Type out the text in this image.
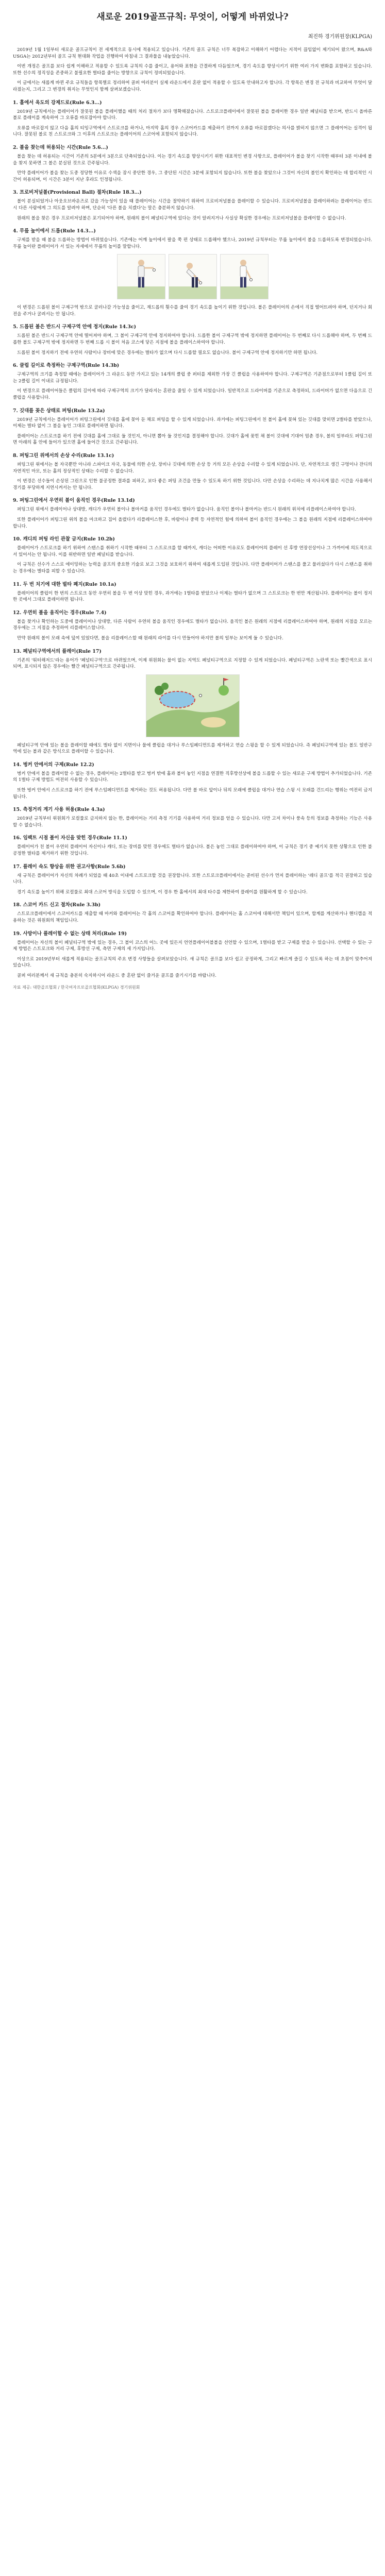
새로운 2019골프규칙: 무엇이, 어떻게 바뀌었나?
최진하 경기위원장(KLPGA)

2019년 1월 1일부터 새로운 골프규칙이 전 세계적으로 동시에 적용되고 있습니다. 기존의 골프 규칙은 너무 복잡하고 이해하기 어렵다는 지적이 끊임없이 제기되어 왔으며, R&A와 USGA는 2012년부터 골프 규칙 현대화 작업을 진행하여 마침내 그 결과물을 내놓았습니다.

이번 개정은 골프를 보다 쉽게 이해하고 적용할 수 있도록 규칙의 수를 줄이고, 용어와 표현을 간결하게 다듬었으며, 경기 속도를 향상시키기 위한 여러 가지 변화를 포함하고 있습니다. 또한 선수의 정직성을 존중하고 불필요한 벌타를 줄이는 방향으로 규칙이 정비되었습니다.

이 글에서는 새롭게 바뀐 주요 규칙들을 항목별로 정리하여 골퍼 여러분이 실제 라운드에서 혼란 없이 적용할 수 있도록 안내하고자 합니다. 각 항목은 변경 전 규칙과 비교하여 무엇이 달라졌는지, 그리고 그 변경의 취지는 무엇인지 함께 살펴보겠습니다.

1. 홀에서 옥도의 강제드로(Rule 6.3...)

2019년 규칙에서는 플레이어가 잘못된 볼을 플레이했을 때의 처리 절차가 보다 명확해졌습니다. 스트로크플레이에서 잘못된 볼을 플레이한 경우 일반 페널티를 받으며, 반드시 올바른 볼로 플레이를 계속하여 그 오류를 바로잡아야 합니다.

오류를 바로잡지 않고 다음 홀의 티잉구역에서 스트로크를 하거나, 마지막 홀의 경우 스코어카드를 제출하기 전까지 오류를 바로잡겠다는 의사를 밝히지 않으면 그 플레이어는 실격이 됩니다. 잘못된 볼로 친 스트로크와 그 이후의 스트로크는 플레이어의 스코어에 포함되지 않습니다.

2. 볼을 찾는데 허용되는 시간(Rule 5.6...)

볼을 찾는 데 허용되는 시간이 기존의 5분에서 3분으로 단축되었습니다. 이는 경기 속도를 향상시키기 위한 대표적인 변경 사항으로, 플레이어가 볼을 찾기 시작한 때부터 3분 이내에 볼을 찾지 못하면 그 볼은 분실된 것으로 간주됩니다.

만약 플레이어가 볼을 찾는 도중 정당한 이유로 수색을 잠시 중단한 경우, 그 중단된 시간은 3분에 포함되지 않습니다. 또한 볼을 찾았으나 그것이 자신의 볼인지 확인하는 데 합리적인 시간이 허용되며, 이 시간은 3분이 지난 후라도 인정됩니다.

3. 프로비저널볼(Provisional Ball) 절차(Rule 18.3...)

볼이 분실되었거나 아웃오브바운즈로 갔을 가능성이 있을 때 플레이어는 시간을 절약하기 위하여 프로비저널볼을 플레이할 수 있습니다. 프로비저널볼을 플레이하려는 플레이어는 반드시 다른 사람에게 그 의도를 알려야 하며, 단순히 '다른 볼을 치겠다'는 말은 충분하지 않습니다.

원래의 볼을 찾은 경우 프로비저널볼은 포기되어야 하며, 원래의 볼이 페널티구역에 있다는 것이 알려지거나 사실상 확실한 경우에는 프로비저널볼을 플레이할 수 없습니다.

4. 무릎 높이에서 드롭(Rule 14.3...)

구제를 받을 때 볼을 드롭하는 방법이 바뀌었습니다. 기존에는 어깨 높이에서 팔을 쭉 편 상태로 드롭해야 했으나, 2019년 규칙부터는 무릎 높이에서 볼을 드롭하도록 변경되었습니다. 무릎 높이란 플레이어가 서 있는 자세에서 무릎의 높이를 말합니다.

이 변경은 드롭된 볼이 구제구역 밖으로 굴러나갈 가능성을 줄이고, 재드롭의 횟수를 줄여 경기 속도를 높이기 위한 것입니다. 볼은 플레이어의 손에서 직접 떨어뜨려야 하며, 던지거나 회전을 주거나 굴려서는 안 됩니다.

5. 드롭된 볼은 반드시 구제구역 안에 정지(Rule 14.3c)

드롭된 볼은 반드시 구제구역 안에 떨어져야 하며, 그 볼이 구제구역 안에 정지하여야 합니다. 드롭한 볼이 구제구역 밖에 정지하면 플레이어는 두 번째로 다시 드롭해야 하며, 두 번째 드롭한 볼도 구제구역 밖에 정지하면 두 번째 드롭 시 볼이 처음 코스에 닿은 지점에 볼을 플레이스하여야 합니다.

드롭된 볼이 정지하기 전에 우연히 사람이나 장비에 맞은 경우에는 벌타가 없으며 다시 드롭할 필요도 없습니다. 볼이 구제구역 안에 정지하기만 하면 됩니다.

6. 클럽 길이로 측정하는 구제구역(Rule 14.3b)

구제구역의 크기를 측정할 때에는 플레이어가 그 라운드 동안 가지고 있는 14개의 클럽 중 퍼터를 제외한 가장 긴 클럽을 사용하여야 합니다. 구제구역은 기준점으로부터 1클럽 길이 또는 2클럽 길이 이내로 규정됩니다.

이 변경으로 플레이어들은 클럽의 길이에 따라 구제구역의 크기가 달라지는 혼란을 줄일 수 있게 되었습니다. 일반적으로 드라이버를 기준으로 측정하되, 드라이버가 없으면 다음으로 긴 클럽을 사용합니다.

7. 깃대를 꽂은 상태로 퍼팅(Rule 13.2a)

2019년 규칙에서는 플레이어가 퍼팅그린에서 깃대를 홀에 꽂아 둔 채로 퍼팅을 할 수 있게 되었습니다. 과거에는 퍼팅그린에서 친 볼이 홀에 꽂혀 있는 깃대를 맞히면 2벌타를 받았으나, 이제는 벌타 없이 그 볼을 놓인 그대로 플레이하면 됩니다.

플레이어는 스트로크를 하기 전에 깃대를 홀에 그대로 둘 것인지, 아니면 뽑아 둘 것인지를 결정해야 합니다. 깃대가 홀에 꽂힌 채 볼이 깃대에 기대어 멈춘 경우, 볼의 일부라도 퍼팅그린 면 아래의 홀 안에 들어가 있으면 홀에 들어간 것으로 간주됩니다.

8. 퍼팅그린 위에서의 손상 수리(Rule 13.1c)

퍼팅그린 위에서는 볼 자국뿐만 아니라 스파이크 자국, 동물에 의한 손상, 장비나 깃대에 의한 손상 등 거의 모든 손상을 수리할 수 있게 되었습니다. 단, 자연적으로 생긴 구멍이나 잔디의 자연적인 마모, 또는 홀의 정상적인 상태는 수리할 수 없습니다.

이 변경은 선수들이 손상된 그린으로 인한 불공정한 결과를 피하고, 보다 좋은 퍼팅 조건을 만들 수 있도록 하기 위한 것입니다. 다만 손상을 수리하는 데 지나치게 많은 시간을 사용해서 경기를 부당하게 지연시켜서는 안 됩니다.

9. 퍼팅그린에서 우연히 볼이 움직인 경우(Rule 13.1d)

퍼팅그린 위에서 플레이어나 상대방, 캐디가 우연히 볼이나 볼마커를 움직인 경우에도 벌타가 없습니다. 움직인 볼이나 볼마커는 반드시 원래의 위치에 리플레이스하여야 합니다.

또한 플레이어가 퍼팅그린 위의 볼을 마크하고 집어 올렸다가 리플레이스한 후, 바람이나 중력 등 자연적인 힘에 의하여 볼이 움직인 경우에는 그 볼을 원래의 지점에 리플레이스하여야 합니다.

10. 캐디의 퍼팅 라인 관찰 금지(Rule 10.2b)

플레이어가 스트로크를 하기 위하여 스탠스를 취하기 시작한 때부터 그 스트로크를 할 때까지, 캐디는 어떠한 이유로도 플레이어의 플레이 선 후방 연장선상이나 그 가까이에 의도적으로 서 있어서는 안 됩니다. 이를 위반하면 일반 페널티를 받습니다.

이 규칙은 선수가 스스로 에이밍하는 능력을 골프의 중요한 기술로 보고 그것을 보호하기 위하여 새롭게 도입된 것입니다. 다만 플레이어가 스탠스를 풀고 물러섰다가 다시 스탠스를 취하는 경우에는 벌타를 피할 수 있습니다.

11. 두 번 치기에 대한 벌타 폐지(Rule 10.1a)

플레이어의 클럽이 한 번의 스트로크 동안 우연히 볼을 두 번 이상 맞힌 경우, 과거에는 1벌타를 받았으나 이제는 벌타가 없으며 그 스트로크는 한 번만 계산됩니다. 플레이어는 볼이 정지한 곳에서 그대로 플레이하면 됩니다.

12. 우연히 볼을 움직이는 경우(Rule 7.4)

볼을 찾거나 확인하는 도중에 플레이어나 상대방, 다른 사람이 우연히 볼을 움직인 경우에도 벌타가 없습니다. 움직인 볼은 원래의 지점에 리플레이스하여야 하며, 원래의 지점을 모르는 경우에는 그 지점을 추정하여 리플레이스합니다.

만약 원래의 볼이 모래 속에 덮여 있었다면, 볼을 리플레이스할 때 원래의 라이를 다시 만들어야 하지만 볼의 일부는 보이게 둘 수 있습니다.

13. 페널티구역에서의 플레이(Rule 17)

기존의 '워터해저드'라는 용어가 '페널티구역'으로 바뀌었으며, 이제 위원회는 물이 없는 지역도 페널티구역으로 지정할 수 있게 되었습니다. 페널티구역은 노란색 또는 빨간색으로 표시되며, 표시되지 않은 경우에는 빨간 페널티구역으로 간주됩니다.

페널티구역 안에 있는 볼을 플레이할 때에도 벌타 없이 지면이나 물에 클럽을 대거나 루스임페디먼트를 제거하고 연습 스윙을 할 수 있게 되었습니다. 즉 페널티구역에 있는 볼도 일반구역에 있는 볼과 같은 방식으로 플레이할 수 있습니다.

14. 벙커 안에서의 구제(Rule 12.2)

벙커 안에서 볼을 플레이할 수 없는 경우, 플레이어는 2벌타를 받고 벙커 밖에 홀과 볼이 놓인 지점을 연결한 직후방선상에 볼을 드롭할 수 있는 새로운 구제 방법이 추가되었습니다. 기존의 1벌타 구제 방법도 여전히 사용할 수 있습니다.

또한 벙커 안에서 스트로크를 하기 전에 루스임페디먼트를 제거하는 것도 허용됩니다. 다만 볼 바로 앞이나 뒤의 모래에 클럽을 대거나 연습 스윙 시 모래를 건드리는 행위는 여전히 금지됩니다.

15. 측정거리 계기 사용 허용(Rule 4.3a)

2019년 규칙부터 위원회가 로컬룰로 금지하지 않는 한, 플레이어는 거리 측정 기기를 사용하여 거리 정보를 얻을 수 있습니다. 다만 고저 차이나 풍속 등의 정보를 측정하는 기능은 사용할 수 없습니다.

16. 임팩트 시점 볼이 자신을 맞힌 경우(Rule 11.1)

플레이어가 친 볼이 우연히 플레이어 자신이나 캐디, 또는 장비를 맞힌 경우에도 벌타가 없습니다. 볼은 놓인 그대로 플레이하여야 하며, 이 규칙은 경기 중 예기치 못한 상황으로 인한 불공정한 벌타를 제거하기 위한 것입니다.

17. 플레이 속도 향상을 위한 권고사항(Rule 5.6b)

새 규칙은 플레이어가 자신의 차례가 되었을 때 40초 이내에 스트로크할 것을 권장합니다. 또한 스트로크플레이에서는 준비된 선수가 먼저 플레이하는 '레디 골프'를 적극 권장하고 있습니다.

경기 속도를 높이기 위해 로컬룰로 최대 스코어 방식을 도입할 수 있으며, 이 경우 한 홀에서의 최대 타수를 제한하여 플레이를 원활하게 할 수 있습니다.

18. 스코어 카드 신고 절차(Rule 3.3b)

스트로크플레이에서 스코어카드를 제출할 때 마커와 플레이어는 각 홀의 스코어를 확인하여야 합니다. 플레이어는 홀 스코어에 대해서만 책임이 있으며, 합계를 계산하거나 핸디캡을 적용하는 것은 위원회의 책임입니다.

19. 사망이나 플레이할 수 없는 상태 처리(Rule 19)

플레이어는 자신의 볼이 페널티구역 밖에 있는 경우, 그 볼이 코스의 어느 곳에 있든지 언언플레이어블볼을 선언할 수 있으며, 1벌타를 받고 구제를 받을 수 있습니다. 선택할 수 있는 구제 방법은 스트로크와 거리 구제, 후방선 구제, 측면 구제의 세 가지입니다.

이상으로 2019년부터 새롭게 적용되는 골프규칙의 주요 변경 사항들을 살펴보았습니다. 새 규칙은 골프를 보다 쉽고 공정하게, 그리고 빠르게 즐길 수 있도록 하는 데 초점이 맞추어져 있습니다.

골퍼 여러분께서 새 규칙을 충분히 숙지하시어 라운드 중 혼란 없이 즐거운 골프를 즐기시기를 바랍니다.

자료 제공: 대한골프협회 / 한국여자프로골프협회(KLPGA) 경기위원회
